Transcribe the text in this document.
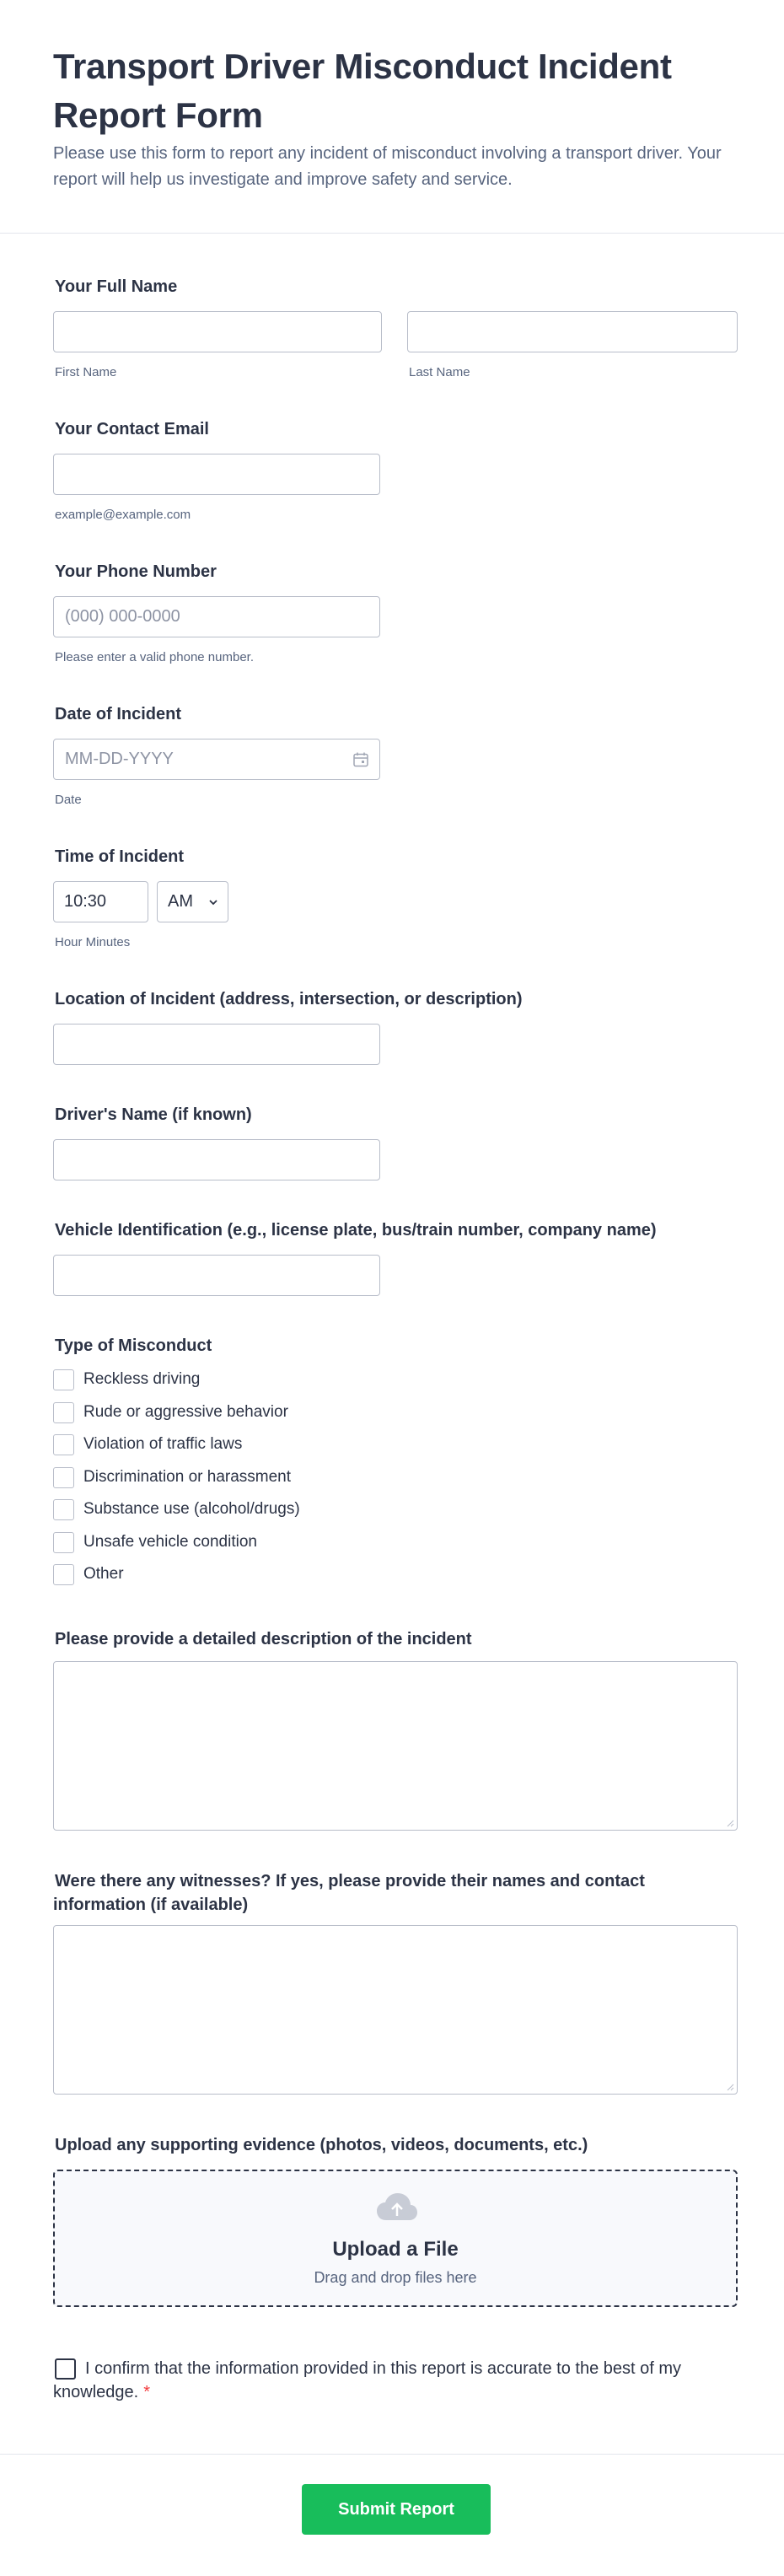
Transport Driver Misconduct Incident Report Form

Please use this form to report any incident of misconduct involving a transport driver. Your report will help us investigate and improve safety and service.

Your Full Name
First Name	Last Name
Your Contact Email
example@example.com
Your Phone Number
(000) 000-0000
Please enter a valid phone number.
Date of Incident
MM-DD-YYYY
Date
Time of Incident
10:30	AM
Hour Minutes
Location of Incident (address, intersection, or description)
Driver's Name (if known)
Vehicle Identification (e.g., license plate, bus/train number, company name)
Type of Misconduct
Reckless driving
Rude or aggressive behavior
Violation of traffic laws
Discrimination or harassment
Substance use (alcohol/drugs)
Unsafe vehicle condition
Other
Please provide a detailed description of the incident
Were there any witnesses? If yes, please provide their names and contact information (if available)
Upload any supporting evidence (photos, videos, documents, etc.)
Upload a File
Drag and drop files here
I confirm that the information provided in this report is accurate to the best of my knowledge. *
Submit Report
